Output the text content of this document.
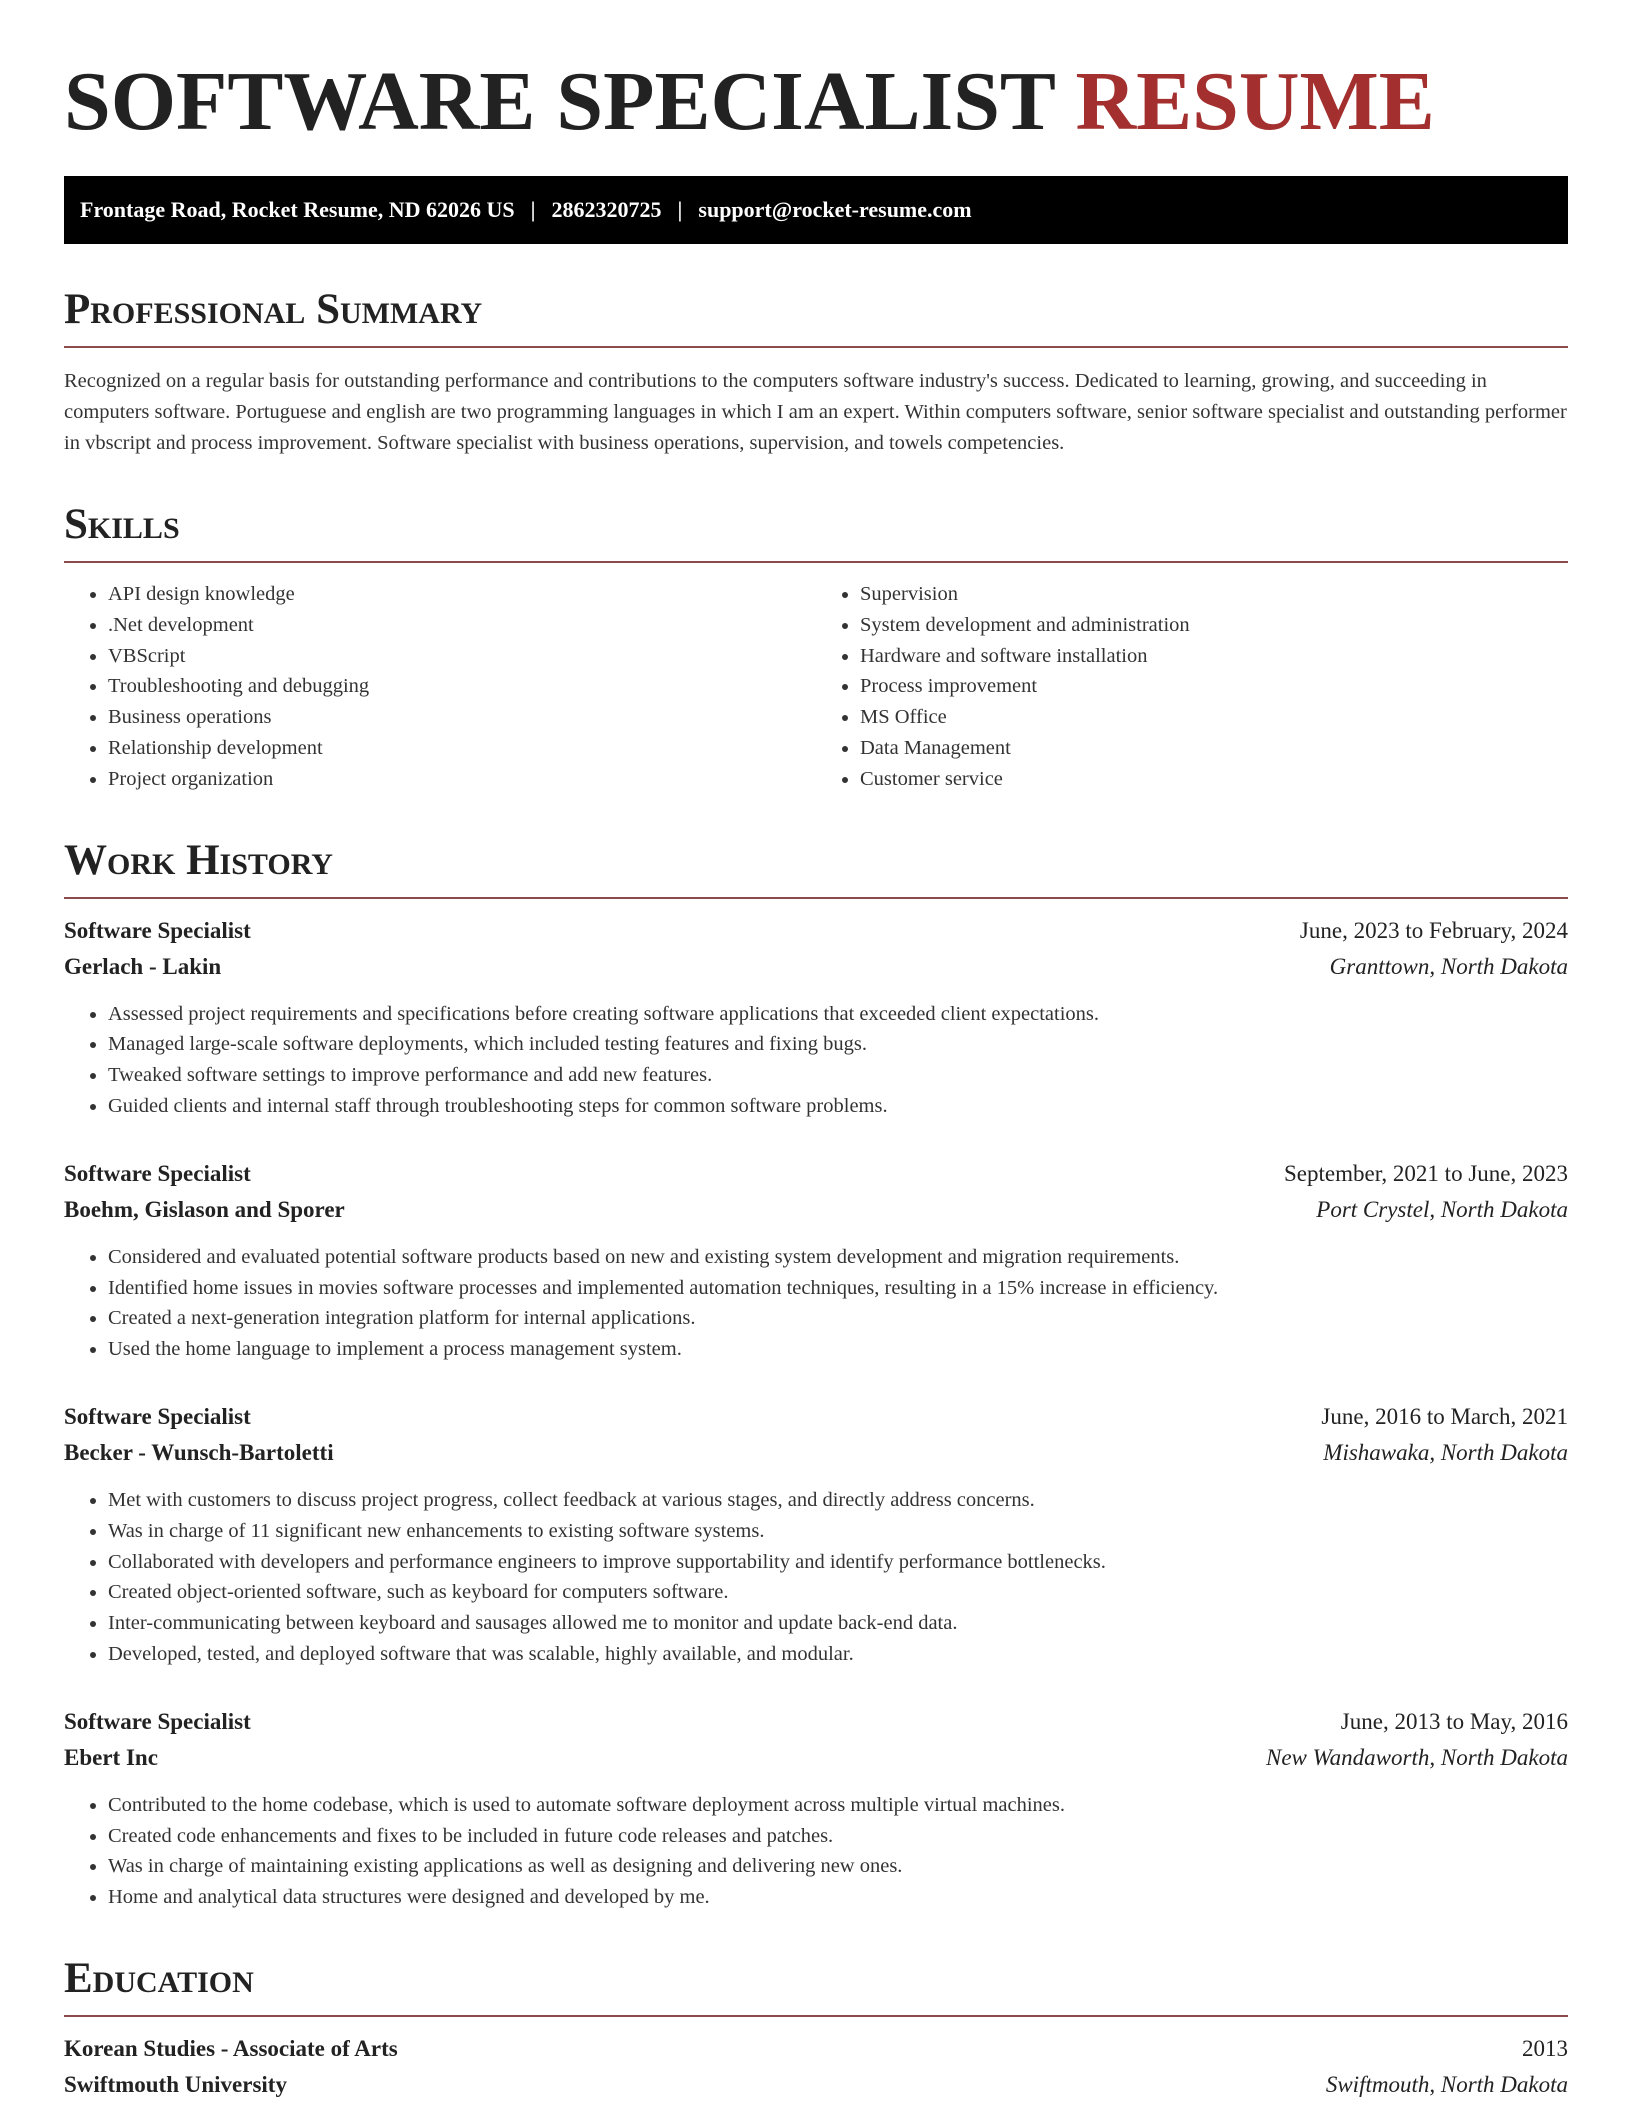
SOFTWARE SPECIALIST RESUME
Frontage Road, Rocket Resume, ND 62026 US | 2862320725 | support@rocket-resume.com
Professional Summary

Recognized on a regular basis for outstanding performance and contributions to the computers software industry's success. Dedicated to learning, growing, and succeeding in computers software. Portuguese and english are two programming languages in which I am an expert. Within computers software, senior software specialist and outstanding performer in vbscript and process improvement. Software specialist with business operations, supervision, and towels competencies.

Skills
• API design knowledge
• .Net development
• VBScript
• Troubleshooting and debugging
• Business operations
• Relationship development
• Project organization
• Supervision
• System development and administration
• Hardware and software installation
• Process improvement
• MS Office
• Data Management
• Customer service
Work History
Software Specialist	June, 2023 to February, 2024
Gerlach - Lakin	Granttown, North Dakota
• Assessed project requirements and specifications before creating software applications that exceeded client expectations.
• Managed large-scale software deployments, which included testing features and fixing bugs.
• Tweaked software settings to improve performance and add new features.
• Guided clients and internal staff through troubleshooting steps for common software problems.
Software Specialist	September, 2021 to June, 2023
Boehm, Gislason and Sporer	Port Crystel, North Dakota
• Considered and evaluated potential software products based on new and existing system development and migration requirements.
• Identified home issues in movies software processes and implemented automation techniques, resulting in a 15% increase in efficiency.
• Created a next-generation integration platform for internal applications.
• Used the home language to implement a process management system.
Software Specialist	June, 2016 to March, 2021
Becker - Wunsch-Bartoletti	Mishawaka, North Dakota
• Met with customers to discuss project progress, collect feedback at various stages, and directly address concerns.
• Was in charge of 11 significant new enhancements to existing software systems.
• Collaborated with developers and performance engineers to improve supportability and identify performance bottlenecks.
• Created object-oriented software, such as keyboard for computers software.
• Inter-communicating between keyboard and sausages allowed me to monitor and update back-end data.
• Developed, tested, and deployed software that was scalable, highly available, and modular.
Software Specialist	June, 2013 to May, 2016
Ebert Inc	New Wandaworth, North Dakota
• Contributed to the home codebase, which is used to automate software deployment across multiple virtual machines.
• Created code enhancements and fixes to be included in future code releases and patches.
• Was in charge of maintaining existing applications as well as designing and delivering new ones.
• Home and analytical data structures were designed and developed by me.
Education
Korean Studies - Associate of Arts	2013
Swiftmouth University	Swiftmouth, North Dakota
